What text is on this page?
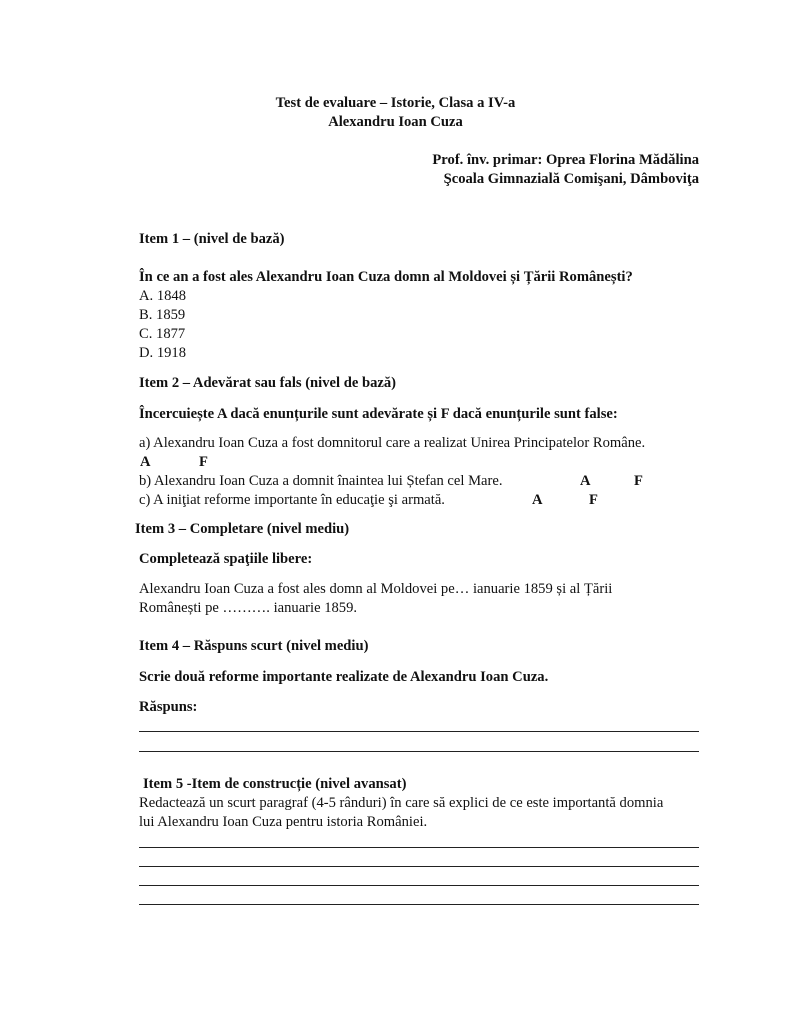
Test de evaluare – Istorie, Clasa a IV-a
Alexandru Ioan Cuza
Prof. înv. primar: Oprea Florina Mădălina
Şcoala Gimnazială Comişani, Dâmboviţa
Item 1 – (nivel de bază)
În ce an a fost ales Alexandru Ioan Cuza domn al Moldovei și Țării Românești?
A. 1848
B. 1859
C. 1877
D. 1918
Item 2 – Adevărat sau fals (nivel de bază)
Încercuiește A dacă enunțurile sunt adevărate și F dacă enunțurile sunt false:
a) Alexandru Ioan Cuza a fost domnitorul care a realizat Unirea Principatelor Române.
A	F
b) Alexandru Ioan Cuza a domnit înaintea lui Ștefan cel Mare.	A	F
c) A iniţiat reforme importante în educaţie şi armată.	A	F
Item 3 – Completare (nivel mediu)
Completează spaţiile libere:
Alexandru Ioan Cuza a fost ales domn al Moldovei pe… ianuarie 1859 și al Țării
Românești pe ………. ianuarie 1859.
Item 4 – Răspuns scurt (nivel mediu)
Scrie două reforme importante realizate de Alexandru Ioan Cuza.
Răspuns:
Item 5 -Item de construcție (nivel avansat)
Redactează un scurt paragraf (4-5 rânduri) în care să explici de ce este importantă domnia
lui Alexandru Ioan Cuza pentru istoria României.
